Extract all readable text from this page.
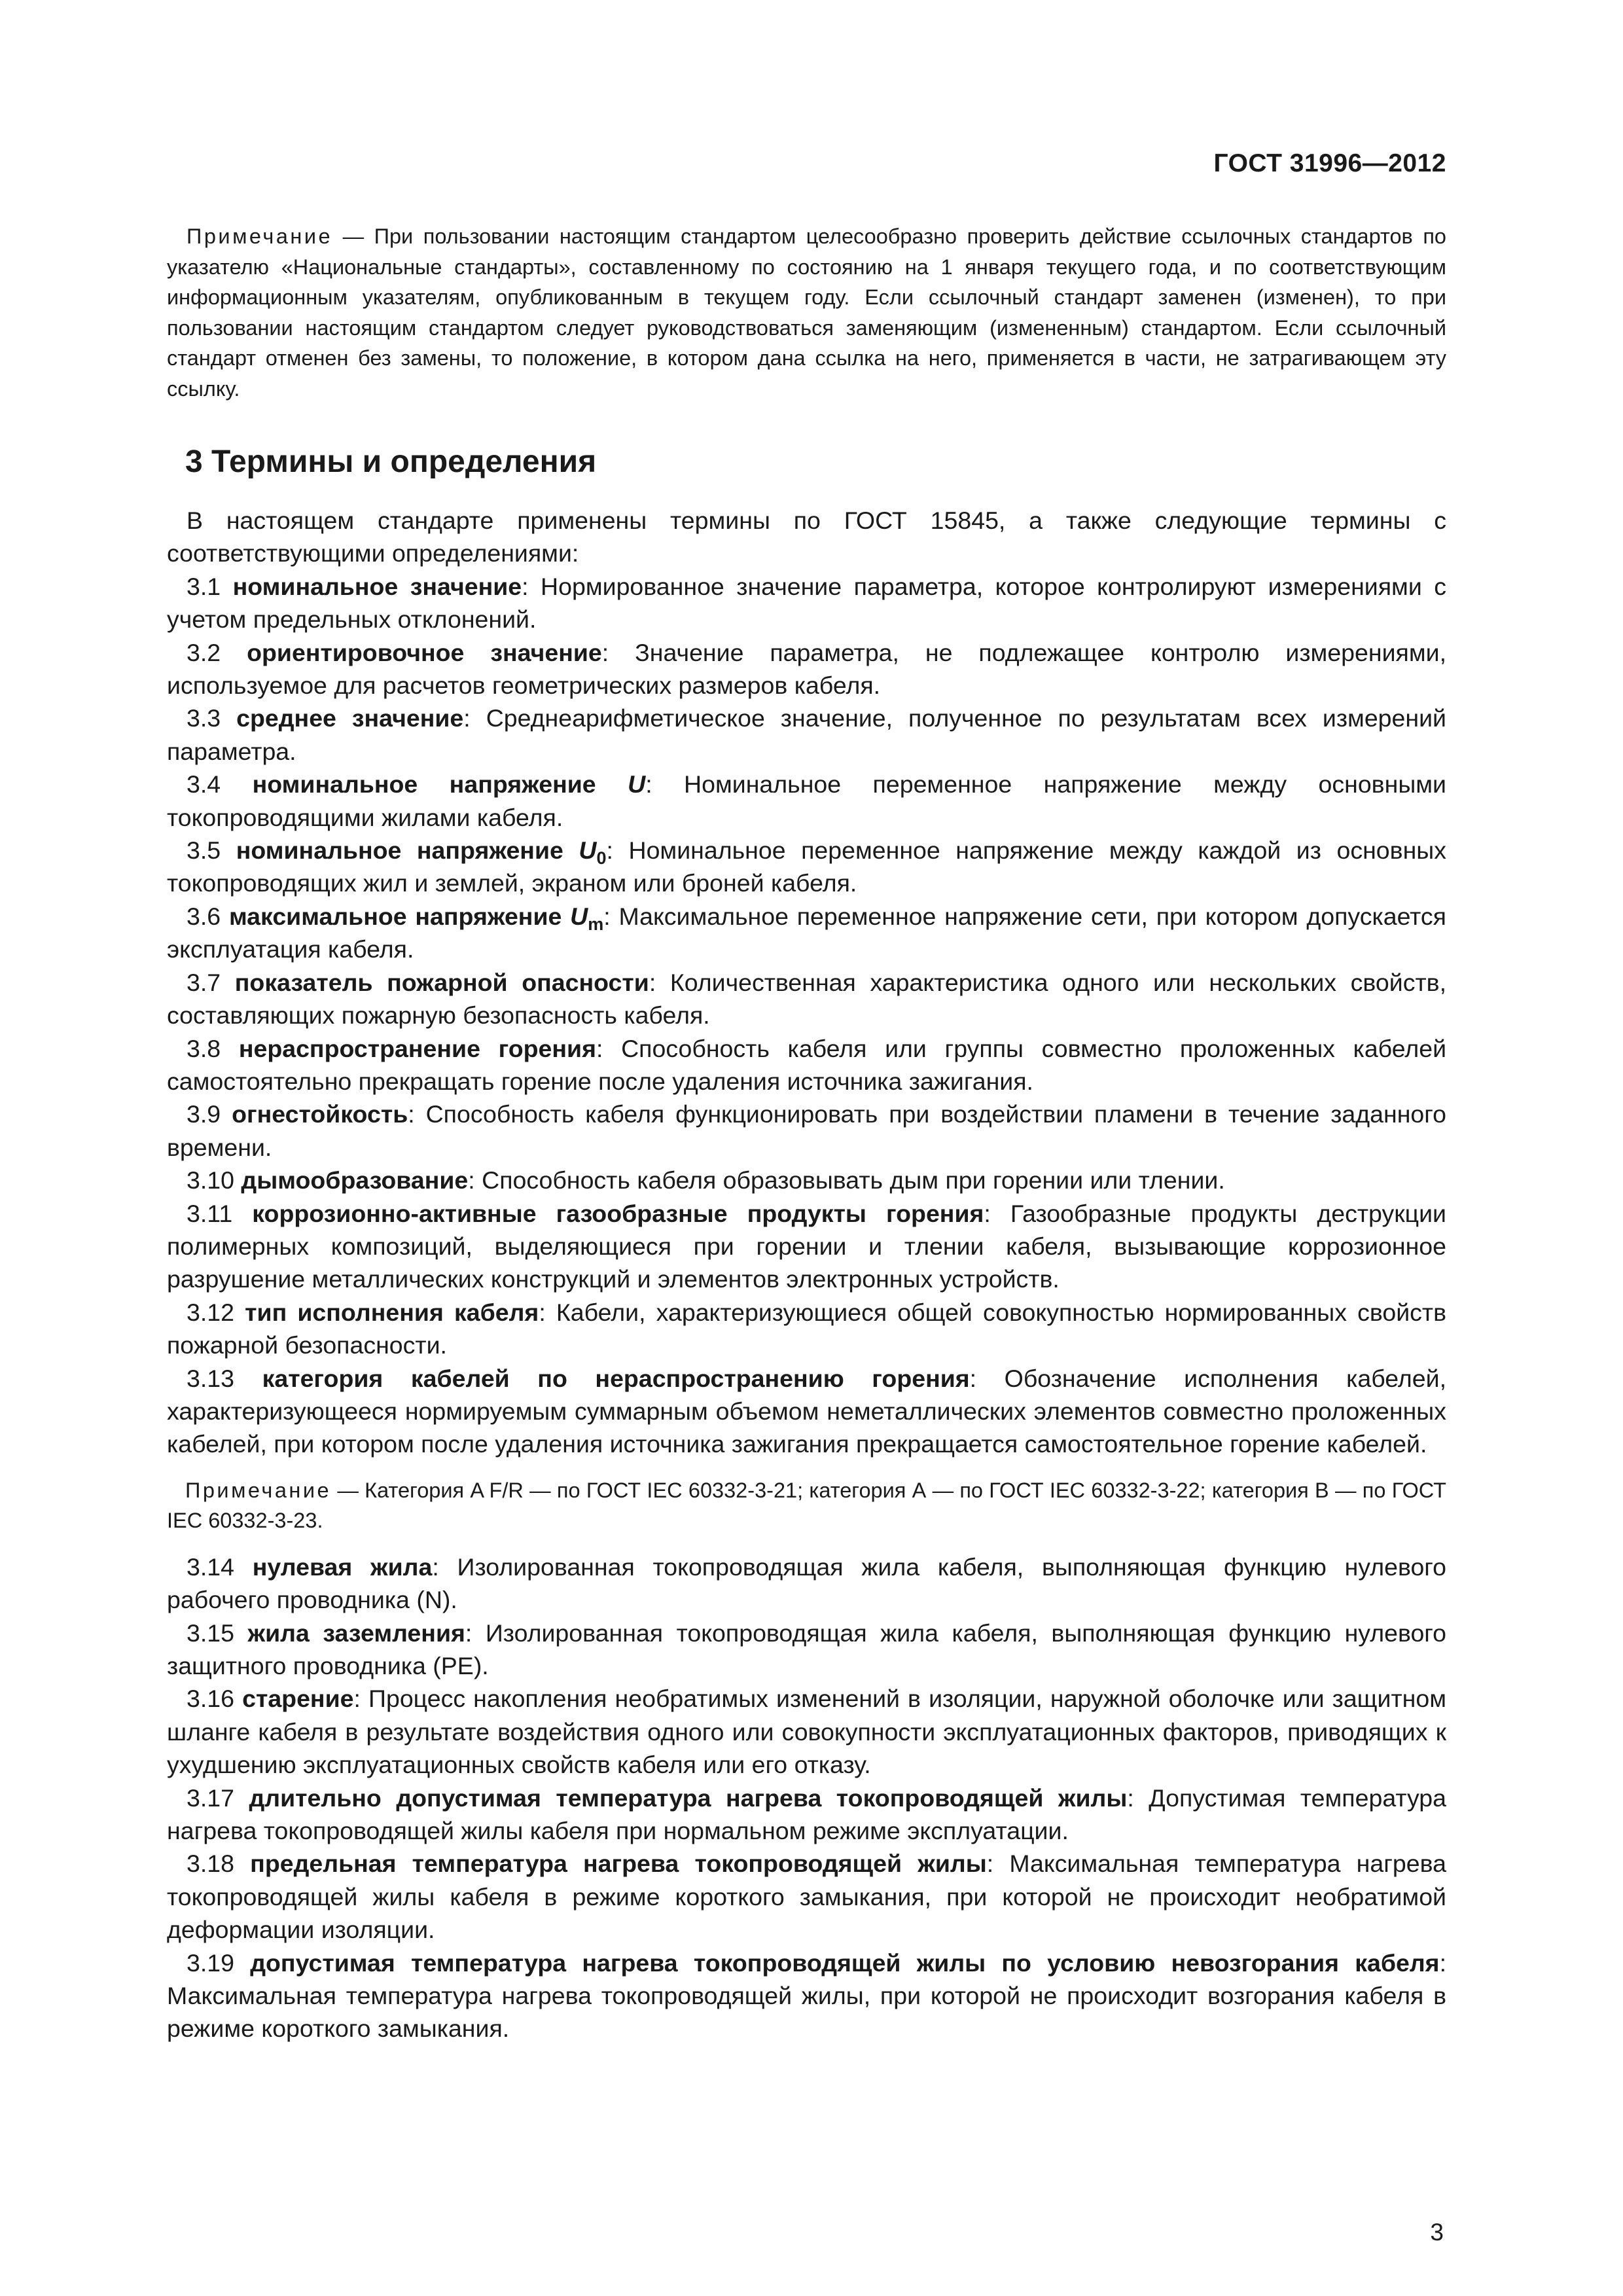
ГОСТ 31996—2012

Примечание — При пользовании настоящим стандартом целесообразно проверить действие ссылочных стандартов по указателю «Национальные стандарты», составленному по состоянию на 1 января текущего года, и по соответствующим информационным указателям, опубликованным в текущем году. Если ссылочный стандарт заменен (изменен), то при пользовании настоящим стандартом следует руководствоваться заменяющим (измененным) стандартом. Если ссылочный стандарт отменен без замены, то положение, в котором дана ссылка на него, применяется в части, не затрагивающем эту ссылку.

3 Термины и определения

В настоящем стандарте применены термины по ГОСТ 15845, а также следующие термины с соответствующими определениями:

3.1 номинальное значение: Нормированное значение параметра, которое контролируют измерениями с учетом предельных отклонений.

3.2 ориентировочное значение: Значение параметра, не подлежащее контролю измерениями, используемое для расчетов геометрических размеров кабеля.

3.3 среднее значение: Среднеарифметическое значение, полученное по результатам всех измерений параметра.

3.4 номинальное напряжение U: Номинальное переменное напряжение между основными токопроводящими жилами кабеля.

3.5 номинальное напряжение $U_0$: Номинальное переменное напряжение между каждой из основных токопроводящих жил и землей, экраном или броней кабеля.

3.6 максимальное напряжение $U_m$: Максимальное переменное напряжение сети, при котором допускается эксплуатация кабеля.

3.7 показатель пожарной опасности: Количественная характеристика одного или нескольких свойств, составляющих пожарную безопасность кабеля.

3.8 нераспространение горения: Способность кабеля или группы совместно проложенных кабелей самостоятельно прекращать горение после удаления источника зажигания.

3.9 огнестойкость: Способность кабеля функционировать при воздействии пламени в течение заданного времени.

3.10 дымообразование: Способность кабеля образовывать дым при горении или тлении.

3.11 коррозионно-активные газообразные продукты горения: Газообразные продукты деструкции полимерных композиций, выделяющиеся при горении и тлении кабеля, вызывающие коррозионное разрушение металлических конструкций и элементов электронных устройств.

3.12 тип исполнения кабеля: Кабели, характеризующиеся общей совокупностью нормированных свойств пожарной безопасности.

3.13 категория кабелей по нераспространению горения: Обозначение исполнения кабелей, характеризующееся нормируемым суммарным объемом неметаллических элементов совместно проложенных кабелей, при котором после удаления источника зажигания прекращается самостоятельное горение кабелей.

Примечание — Категория A F/R — по ГОСТ IEC 60332-3-21; категория А — по ГОСТ IEC 60332-3-22; категория В — по ГОСТ IEC 60332-3-23.

3.14 нулевая жила: Изолированная токопроводящая жила кабеля, выполняющая функцию нулевого рабочего проводника (N).

3.15 жила заземления: Изолированная токопроводящая жила кабеля, выполняющая функцию нулевого защитного проводника (PE).

3.16 старение: Процесс накопления необратимых изменений в изоляции, наружной оболочке или защитном шланге кабеля в результате воздействия одного или совокупности эксплуатационных факторов, приводящих к ухудшению эксплуатационных свойств кабеля или его отказу.

3.17 длительно допустимая температура нагрева токопроводящей жилы: Допустимая температура нагрева токопроводящей жилы кабеля при нормальном режиме эксплуатации.

3.18 предельная температура нагрева токопроводящей жилы: Максимальная температура нагрева токопроводящей жилы кабеля в режиме короткого замыкания, при которой не происходит необратимой деформации изоляции.

3.19 допустимая температура нагрева токопроводящей жилы по условию невозгорания кабеля: Максимальная температура нагрева токопроводящей жилы, при которой не происходит возгорания кабеля в режиме короткого замыкания.

3
